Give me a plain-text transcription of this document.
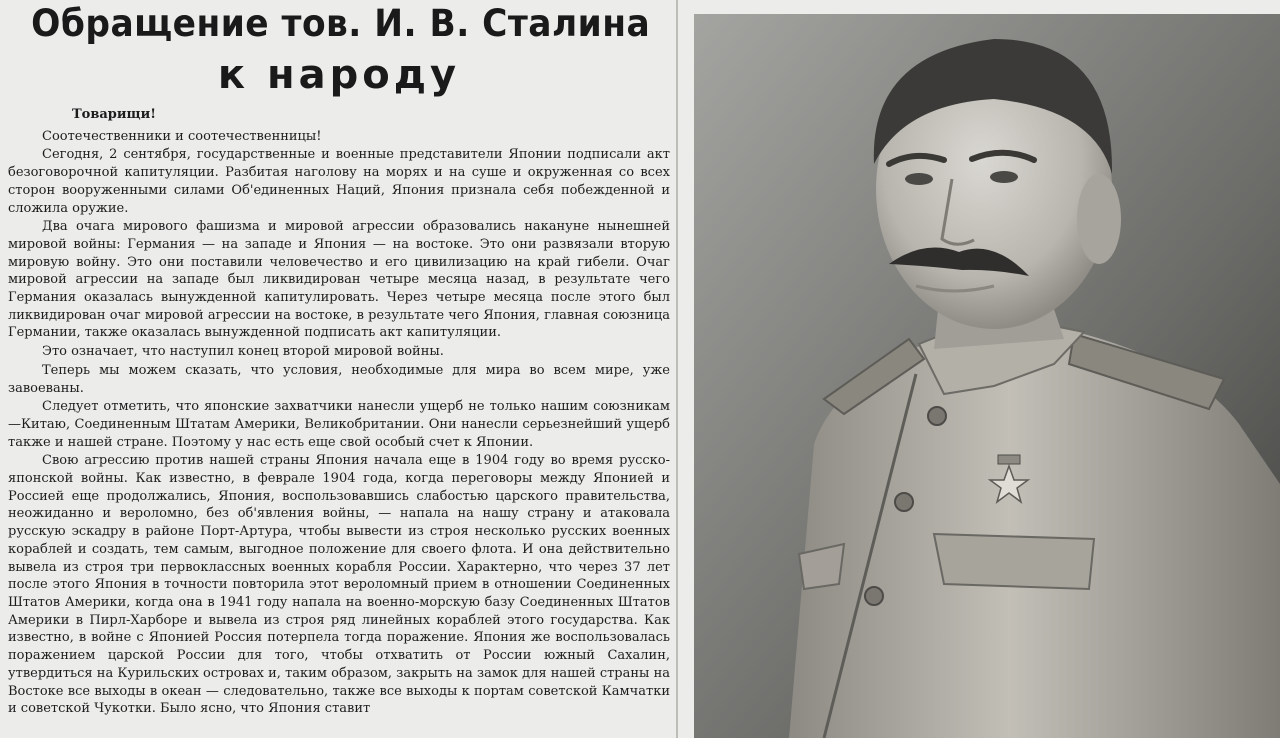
Обращение тов. И. В. Сталина
к народу

Товарищи!

Соотечественники и соотечественницы!

Сегодня, 2 сентября, государственные и военные представители Японии подписали акт безоговорочной капитуляции. Разбитая наголову на морях и на суше и окруженная со всех сторон вооруженными силами Об'единенных Наций, Япония признала себя побежденной и сложила оружие.

Два очага мирового фашизма и мировой агрессии образовались накануне нынешней мировой войны: Германия — на западе и Япония — на востоке. Это они развязали вторую мировую войну. Это они поставили человечество и его цивилизацию на край гибели. Очаг мировой агрессии на западе был ликвидирован четыре месяца назад, в результате чего Германия оказалась вынужденной капитулировать. Через четыре месяца после этого был ликвидирован очаг мировой агрессии на востоке, в результате чего Япония, главная союзница Германии, также оказалась вынужденной подписать акт капитуляции.

Это означает, что наступил конец второй мировой войны.

Теперь мы можем сказать, что условия, необходимые для мира во всем мире, уже завоеваны.

Следует отметить, что японские захватчики нанесли ущерб не только нашим союзникам—Китаю, Соединенным Штатам Америки, Великобритании. Они нанесли серьезнейший ущерб также и нашей стране. Поэтому у нас есть еще свой особый счет к Японии.

Свою агрессию против нашей страны Япония начала еще в 1904 году во время русско-японской войны. Как известно, в феврале 1904 года, когда переговоры между Японией и Россией еще продолжались, Япония, воспользовавшись слабостью царского правительства, неожиданно и вероломно, без об'явления войны, — напала на нашу страну и атаковала русскую эскадру в районе Порт-Артура, чтобы вывести из строя несколько русских военных кораблей и создать, тем самым, выгодное положение для своего флота. И она действительно вывела из строя три первоклассных военных корабля России. Характерно, что через 37 лет после этого Япония в точности повторила этот вероломный прием в отношении Соединенных Штатов Америки, когда она в 1941 году напала на военно-морскую базу Соединенных Штатов Америки в Пирл-Харборе и вывела из строя ряд линейных кораблей этого государства. Как известно, в войне с Японией Россия потерпела тогда поражение. Япония же воспользовалась поражением царской России для того, чтобы отхватить от России южный Сахалин, утвердиться на Курильских островах и, таким образом, закрыть на замок для нашей страны на Востоке все выходы в океан — следовательно, также все выходы к портам советской Камчатки и советской Чукотки. Было ясно, что Япония ставит
